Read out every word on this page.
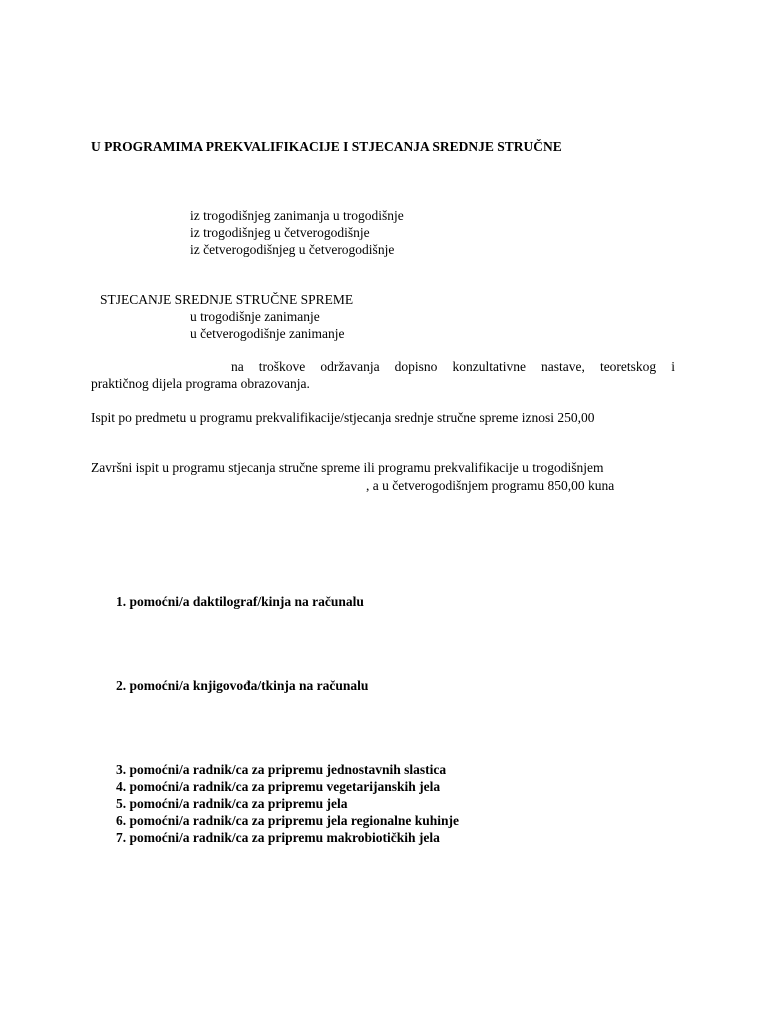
U PROGRAMIMA PREKVALIFIKACIJE I STJECANJA SREDNJE STRUČNE
iz trogodišnjeg zanimanja u trogodišnje
iz trogodišnjeg u četverogodišnje
iz četverogodišnjeg u četverogodišnje
STJECANJE SREDNJE STRUČNE SPREME
u trogodišnje zanimanje
u četverogodišnje zanimanje
na troškove održavanja dopisno konzultativne nastave, teoretskog i
praktičnog dijela programa obrazovanja.
Ispit po predmetu u programu prekvalifikacije/stjecanja srednje stručne spreme iznosi 250,00
Završni ispit u programu stjecanja stručne spreme ili programu prekvalifikacije u trogodišnjem
, a u četverogodišnjem programu 850,00 kuna
1. pomoćni/a daktilograf/kinja na računalu
2. pomoćni/a knjigovođa/tkinja na računalu
3. pomoćni/a radnik/ca za pripremu jednostavnih slastica
4. pomoćni/a radnik/ca za pripremu vegetarijanskih jela
5. pomoćni/a radnik/ca za pripremu jela
6. pomoćni/a radnik/ca za pripremu jela regionalne kuhinje
7. pomoćni/a radnik/ca za pripremu makrobiotičkih jela
